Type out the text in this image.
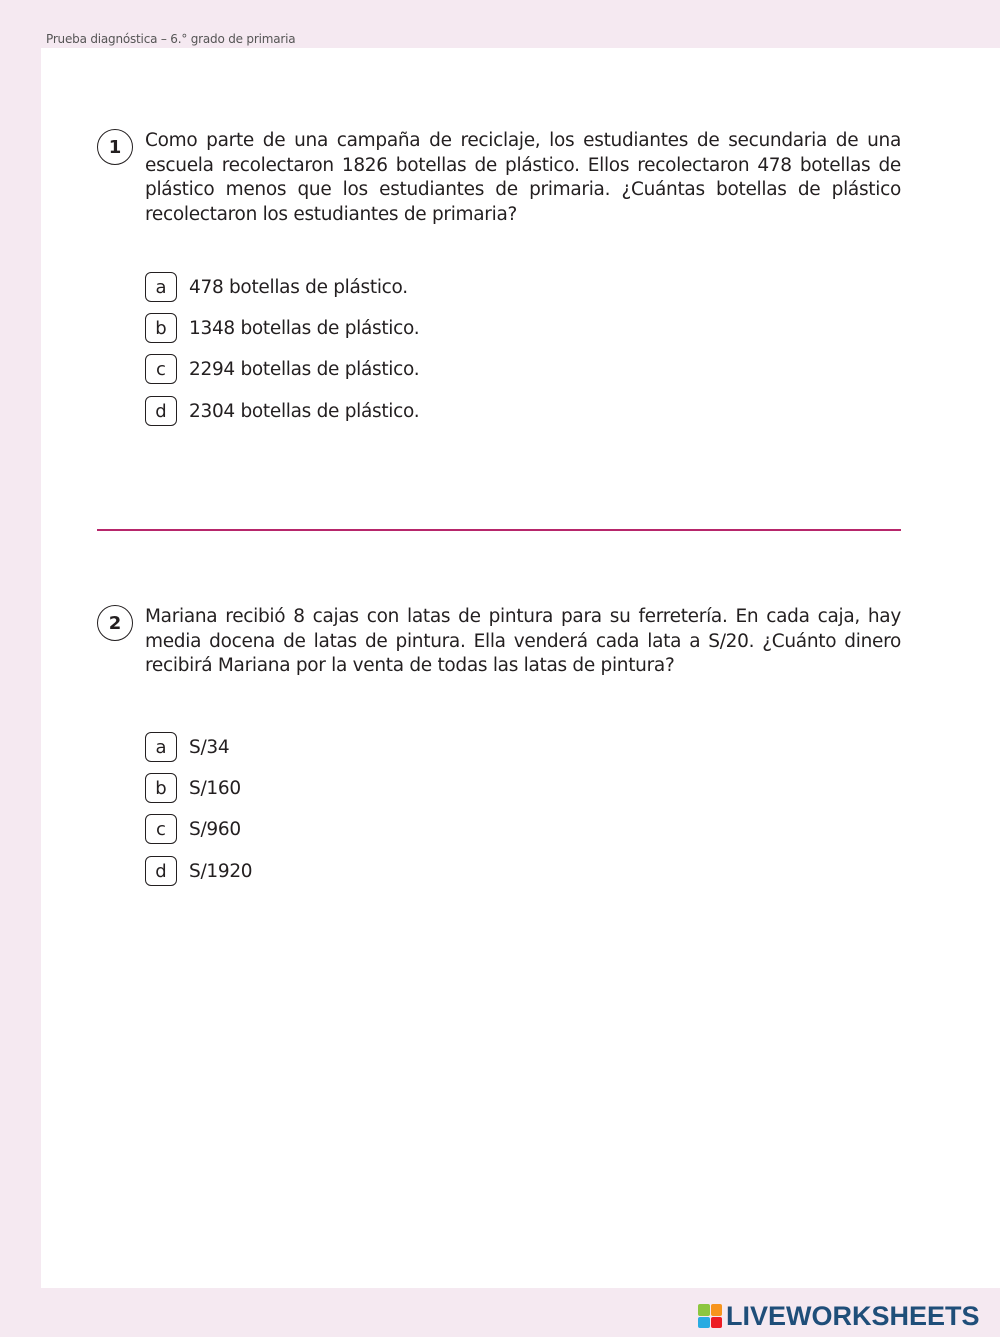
Prueba diagnóstica – 6.° grado de primaria
1	Como parte de una campaña de reciclaje, los estudiantes de secundaria de una escuela recolectaron 1826 botellas de plástico. Ellos recolectaron 478 botellas de plástico menos que los estudiantes de primaria. ¿Cuántas botellas de plástico recolectaron los estudiantes de primaria?
a	478 botellas de plástico.
b	1348 botellas de plástico.
c	2294 botellas de plástico.
d	2304 botellas de plástico.
2	Mariana recibió 8 cajas con latas de pintura para su ferretería. En cada caja, hay media docena de latas de pintura. Ella venderá cada lata a S/20. ¿Cuánto dinero recibirá Mariana por la venta de todas las latas de pintura?
a	S/34
b	S/160
c	S/960
d	S/1920
LIVEWORKSHEETS
